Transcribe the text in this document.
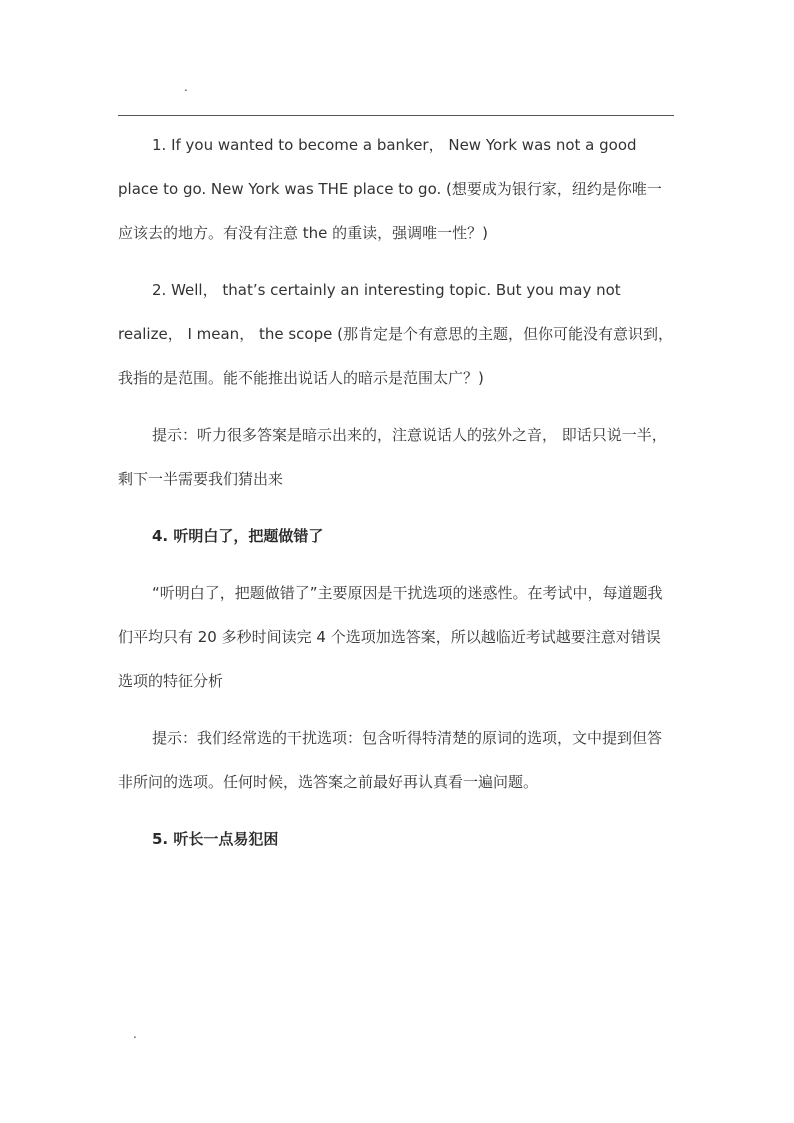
.

1. If you wanted to become a banker， New York was not a good place to go. New York was THE place to go. (想要成为银行家，纽约是你唯一应该去的地方。有没有注意 the 的重读，强调唯一性？)

2. Well， that’s certainly an interesting topic. But you may not realize， I mean， the scope (那肯定是个有意思的主题，但你可能没有意识到，我指的是范围。能不能推出说话人的暗示是范围太广？)

提示：听力很多答案是暗示出来的，注意说话人的弦外之音， 即话只说一半，剩下一半需要我们猜出来

4. 听明白了，把题做错了

“听明白了，把题做错了”主要原因是干扰选项的迷惑性。在考试中，每道题我们平均只有 20 多秒时间读完 4 个选项加选答案，所以越临近考试越要注意对错误选项的特征分析

提示：我们经常选的干扰选项：包含听得特清楚的原词的选项，文中提到但答非所问的选项。任何时候，选答案之前最好再认真看一遍问题。

5. 听长一点易犯困

.
